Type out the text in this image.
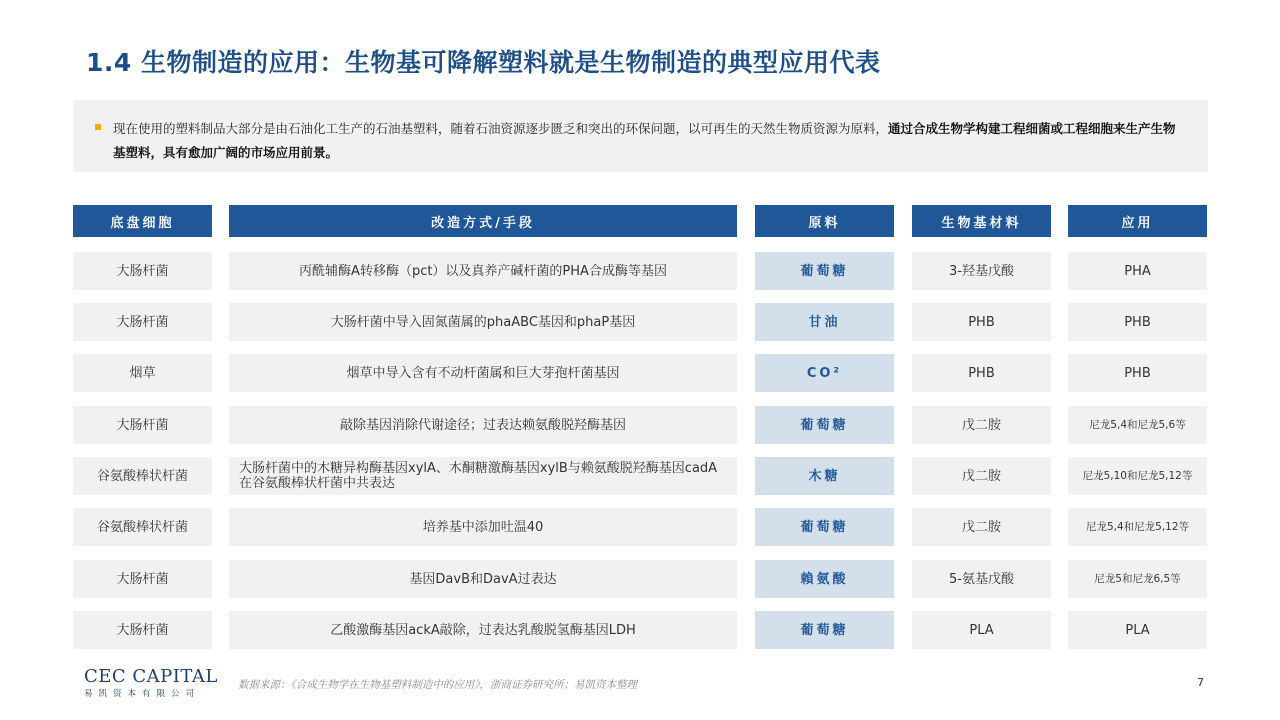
1.4 生物制造的应用：生物基可降解塑料就是生物制造的典型应用代表

现在使用的塑料制品大部分是由石油化工生产的石油基塑料，随着石油资源逐步匮乏和突出的环保问题，以可再生的天然生物质资源为原料，通过合成生物学构建工程细菌或工程细胞来生产生物基塑料，具有愈加广阔的市场应用前景。

底盘细胞	改造方式/手段	原料	生物基材料	应用
大肠杆菌	丙酰辅酶A转移酶（pct）以及真养产碱杆菌的PHA合成酶等基因	葡萄糖	3-羟基戊酸	PHA
大肠杆菌	大肠杆菌中导入固氮菌属的phaABC基因和phaP基因	甘油	PHB	PHB
烟草	烟草中导入含有不动杆菌属和巨大芽孢杆菌基因	CO²	PHB	PHB
大肠杆菌	敲除基因消除代谢途径；过表达赖氨酸脱羟酶基因	葡萄糖	戊二胺	尼龙5,4和尼龙5,6等
谷氨酸棒状杆菌	大肠杆菌中的木糖异构酶基因xylA、木酮糖激酶基因xylB与赖氨酸脱羟酶基因cadA在谷氨酸棒状杆菌中共表达	木糖	戊二胺	尼龙5,10和尼龙5,12等
谷氨酸棒状杆菌	培养基中添加吐温40	葡萄糖	戊二胺	尼龙5,4和尼龙5,12等
大肠杆菌	基因DavB和DavA过表达	賴氨酸	5-氨基戊酸	尼龙5和尼龙6,5等
大肠杆菌	乙酸激酶基因ackA敲除，过表达乳酸脱氢酶基因LDH	葡萄糖	PLA	PLA
CEC CAPITAL
易凯资本有限公司
数据来源：《合成生物学在生物基塑料制造中的应用》，浙商证券研究所；易凯资本整理	7
